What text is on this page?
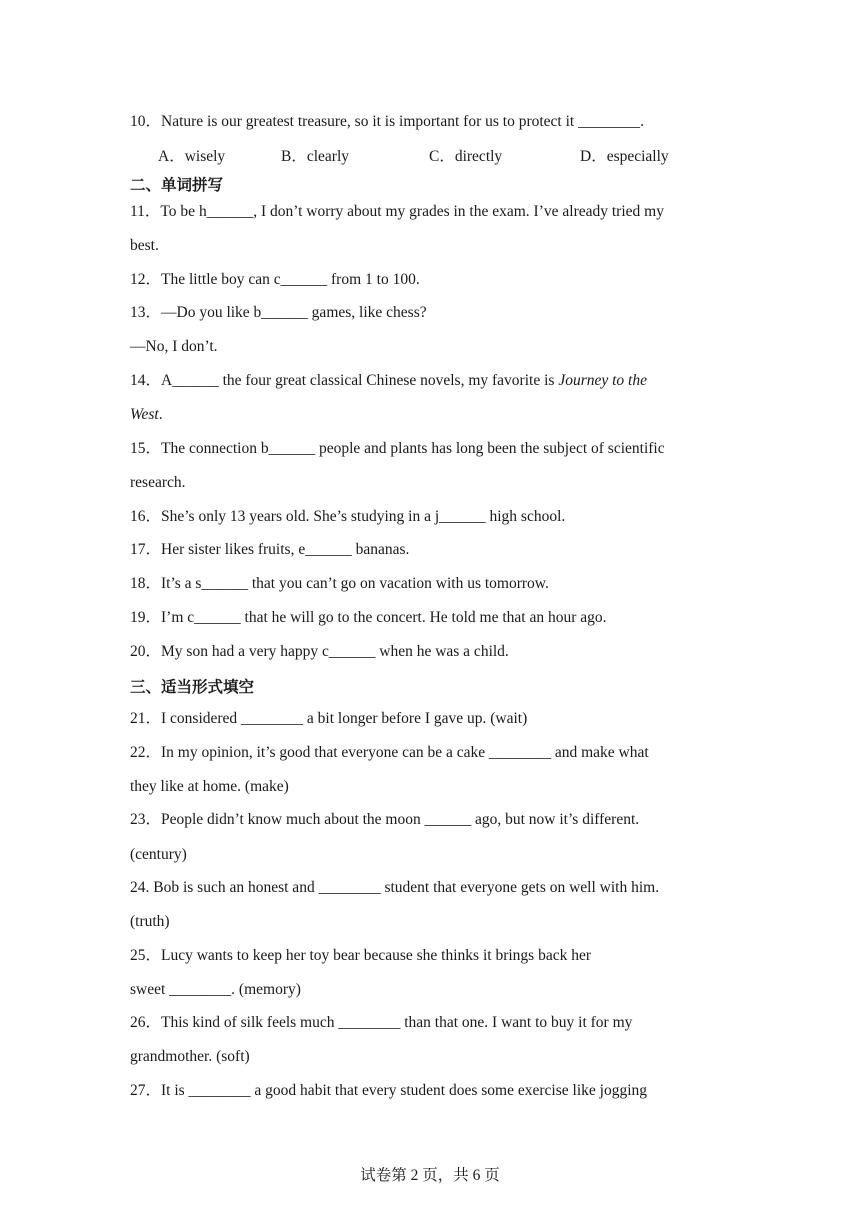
10．Nature is our greatest treasure, so it is important for us to protect it ________.
A．wisely	B．clearly	C．directly	D．especially
二、单词拼写
11．To be h______, I don’t worry about my grades in the exam. I’ve already tried my
best.
12．The little boy can c______ from 1 to 100.
13．—Do you like b______ games, like chess?
—No, I don’t.
14．A______ the four great classical Chinese novels, my favorite is Journey to the
West.
15．The connection b______ people and plants has long been the subject of scientific
research.
16．She’s only 13 years old. She’s studying in a j______ high school.
17．Her sister likes fruits, e______ bananas.
18．It’s a s______ that you can’t go on vacation with us tomorrow.
19．I’m c______ that he will go to the concert. He told me that an hour ago.
20．My son had a very happy c______ when he was a child.
三、适当形式填空
21．I considered ________ a bit longer before I gave up. (wait)
22．In my opinion, it’s good that everyone can be a cake ________ and make what
they like at home. (make)
23．People didn’t know much about the moon ______ ago, but now it’s different.
(century)
24. Bob is such an honest and ________ student that everyone gets on well with him.
(truth)
25．Lucy wants to keep her toy bear because she thinks it brings back her
sweet ________. (memory)
26．This kind of silk feels much ________ than that one. I want to buy it for my
grandmother. (soft)
27．It is ________ a good habit that every student does some exercise like jogging
试卷第 2 页，共 6 页
